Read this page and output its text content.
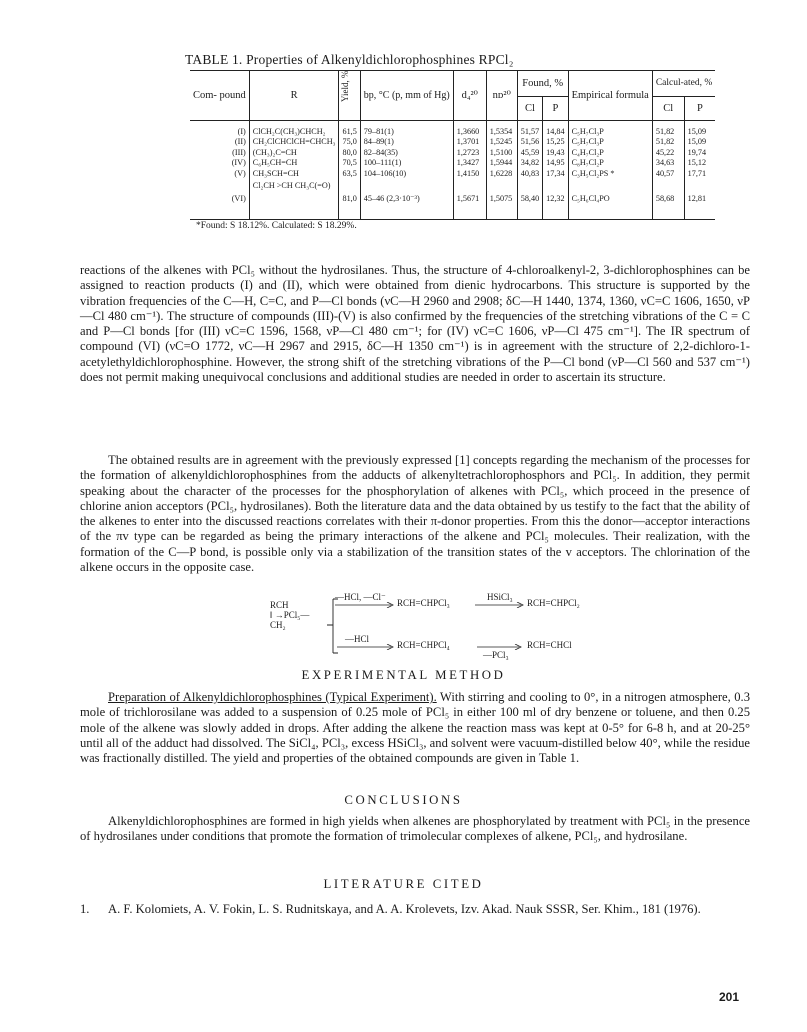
TABLE 1. Properties of Alkenyldichlorophosphines RPCl₂
Com- pound	R	Yield, %	bp, °C (p, mm of Hg)	d₄²⁰	nᴅ²⁰	Found, %		Empirical formula	Calcul-ated, %	
						Cl	P		Cl	P

(I)	ClCH₂C(CH₃)CHCH₂	61,5	79–81(1)	1,3660	1,5354	51,57	14,84	C₅H₇Cl₃P	51,82	15,09
(II)	CH₂ClCHClCH=CHCH₃	75,0	84–89(1)	1,3701	1,5245	51,56	15,25	C₅H₇Cl₃P	51,82	15,09
(III)	(CH₃)₂C=CH	80,0	82–84(35)	1,2723	1,5100	45,59	19,43	C₄H₇Cl₂P	45,22	19,74
(IV)	C₆H₅CH=CH	70,5	100–111(1)	1,3427	1,5944	34,82	14,95	C₈H₇Cl₂P	34,63	15,12
(V)	CH₃SCH=CH	63,5	104–106(10)	1,4150	1,6228	40,83	17,34	C₃H₅Cl₂PS *	40,57	17,71
(VI)	Cl₂CH >CH CH₃C(=O)	81,0	45–46 (2,3·10⁻³)	1,5671	1,5075	58,40	12,32	C₅H₆Cl₄PO	58,68	12,81
*Found: S 18.12%. Calculated: S 18.29%.

reactions of the alkenes with PCl₅ without the hydrosilanes. Thus, the structure of 4-chloroalkenyl-2, 3-dichlorophosphines can be assigned to reaction products (I) and (II), which were obtained from dienic hydrocarbons. This structure is supported by the vibration frequencies of the C—H, C=C, and P—Cl bonds (νC—H 2960 and 2908; δC—H 1440, 1374, 1360, νC=C 1606, 1650, νP—Cl 480 cm⁻¹). The structure of compounds (III)-(V) is also confirmed by the frequencies of the stretching vibrations of the C = C and P—Cl bonds [for (III) νC=C 1596, 1568, νP—Cl 480 cm⁻¹; for (IV) νC=C 1606, νP—Cl 475 cm⁻¹]. The IR spectrum of compound (VI) (νC=O 1772, νC—H 2967 and 2915, δC—H 1350 cm⁻¹) is in agreement with the structure of 2,2-dichloro-1-acetylethyldichlorophosphine. However, the strong shift of the stretching vibrations of the P—Cl bond (νP—Cl 560 and 537 cm⁻¹) does not permit making unequivocal conclusions and additional studies are needed in order to ascertain its structure.

The obtained results are in agreement with the previously expressed [1] concepts regarding the mechanism of the processes for the formation of alkenyldichlorophosphines from the adducts of alkenyltetrachlorophosphors and PCl₅. In addition, they permit speaking about the character of the processes for the phosphorylation of alkenes with PCl₅, which proceed in the presence of chlorine anion acceptors (PCl₅, hydrosilanes). Both the literature data and the data obtained by us testify to the fact that the ability of the alkenes to enter into the discussed reactions correlates with their π-donor properties. From this the donor—acceptor interactions of the πv type can be regarded as being the primary interactions of the alkene and PCl₅ molecules. Their realization, with the formation of the C—P bond, is possible only via a stabilization of the transition states of the v acceptors. The chlorination of the alkene occurs in the opposite case.

RCH
‖ →PCl₅—
CH₂
—HCl, —Cl⁻
RCH=CHPCl₃
HSiCl₃
RCH=CHPCl₂
—HCl
RCH=CHPCl₄
—PCl₃
RCH=CHCl
EXPERIMENTAL METHOD

Preparation of Alkenyldichlorophosphines (Typical Experiment). With stirring and cooling to 0°, in a nitrogen atmosphere, 0.3 mole of trichlorosilane was added to a suspension of 0.25 mole of PCl₅ in either 100 ml of dry benzene or toluene, and then 0.25 mole of the alkene was slowly added in drops. After adding the alkene the reaction mass was kept at 0-5° for 6-8 h, and at 20-25° until all of the adduct had dissolved. The SiCl₄, PCl₃, excess HSiCl₃, and solvent were vacuum-distilled below 40°, while the residue was fractionally distilled. The yield and properties of the obtained compounds are given in Table 1.

CONCLUSIONS

Alkenyldichlorophosphines are formed in high yields when alkenes are phosphorylated by treatment with PCl₅ in the presence of hydrosilanes under conditions that promote the formation of trimolecular complexes of alkene, PCl₅, and hydrosilane.

LITERATURE CITED
1. A. F. Kolomiets, A. V. Fokin, L. S. Rudnitskaya, and A. A. Krolevets, Izv. Akad. Nauk SSSR, Ser. Khim., 181 (1976).

201
